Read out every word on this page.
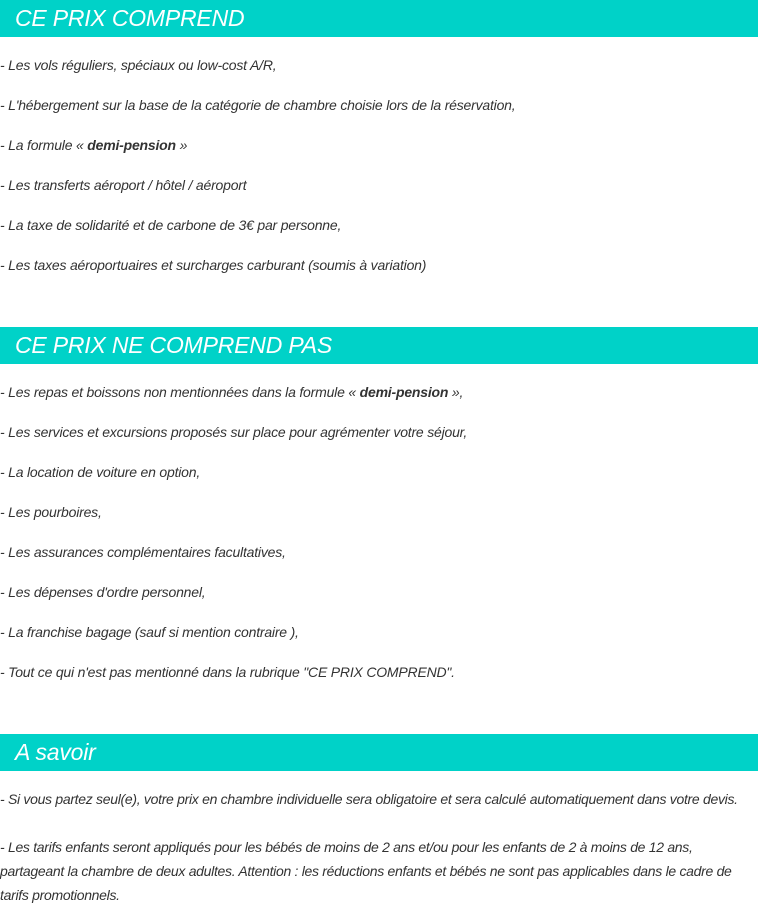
CE PRIX COMPREND
- Les vols réguliers, spéciaux ou low-cost A/R,
- L'hébergement sur la base de la catégorie de chambre choisie lors de la réservation,
- La formule « demi-pension »
- Les transferts aéroport / hôtel / aéroport
- La taxe de solidarité et de carbone de 3€ par personne,
- Les taxes aéroportuaires et surcharges carburant (soumis à variation)
CE PRIX NE COMPREND PAS
- Les repas et boissons non mentionnées dans la formule « demi-pension »,
- Les services et excursions proposés sur place pour agrémenter votre séjour,
- La location de voiture en option,
- Les pourboires,
- Les assurances complémentaires facultatives,
- Les dépenses d'ordre personnel,
- La franchise bagage (sauf si mention contraire ),
- Tout ce qui n'est pas mentionné dans la rubrique "CE PRIX COMPREND".
A savoir
- Si vous partez seul(e), votre prix en chambre individuelle sera obligatoire et sera calculé automatiquement dans votre devis.
- Les tarifs enfants seront appliqués pour les bébés de moins de 2 ans et/ou pour les enfants de 2 à moins de 12 ans, partageant la chambre de deux adultes. Attention : les réductions enfants et bébés ne sont pas applicables dans le cadre de tarifs promotionnels.
